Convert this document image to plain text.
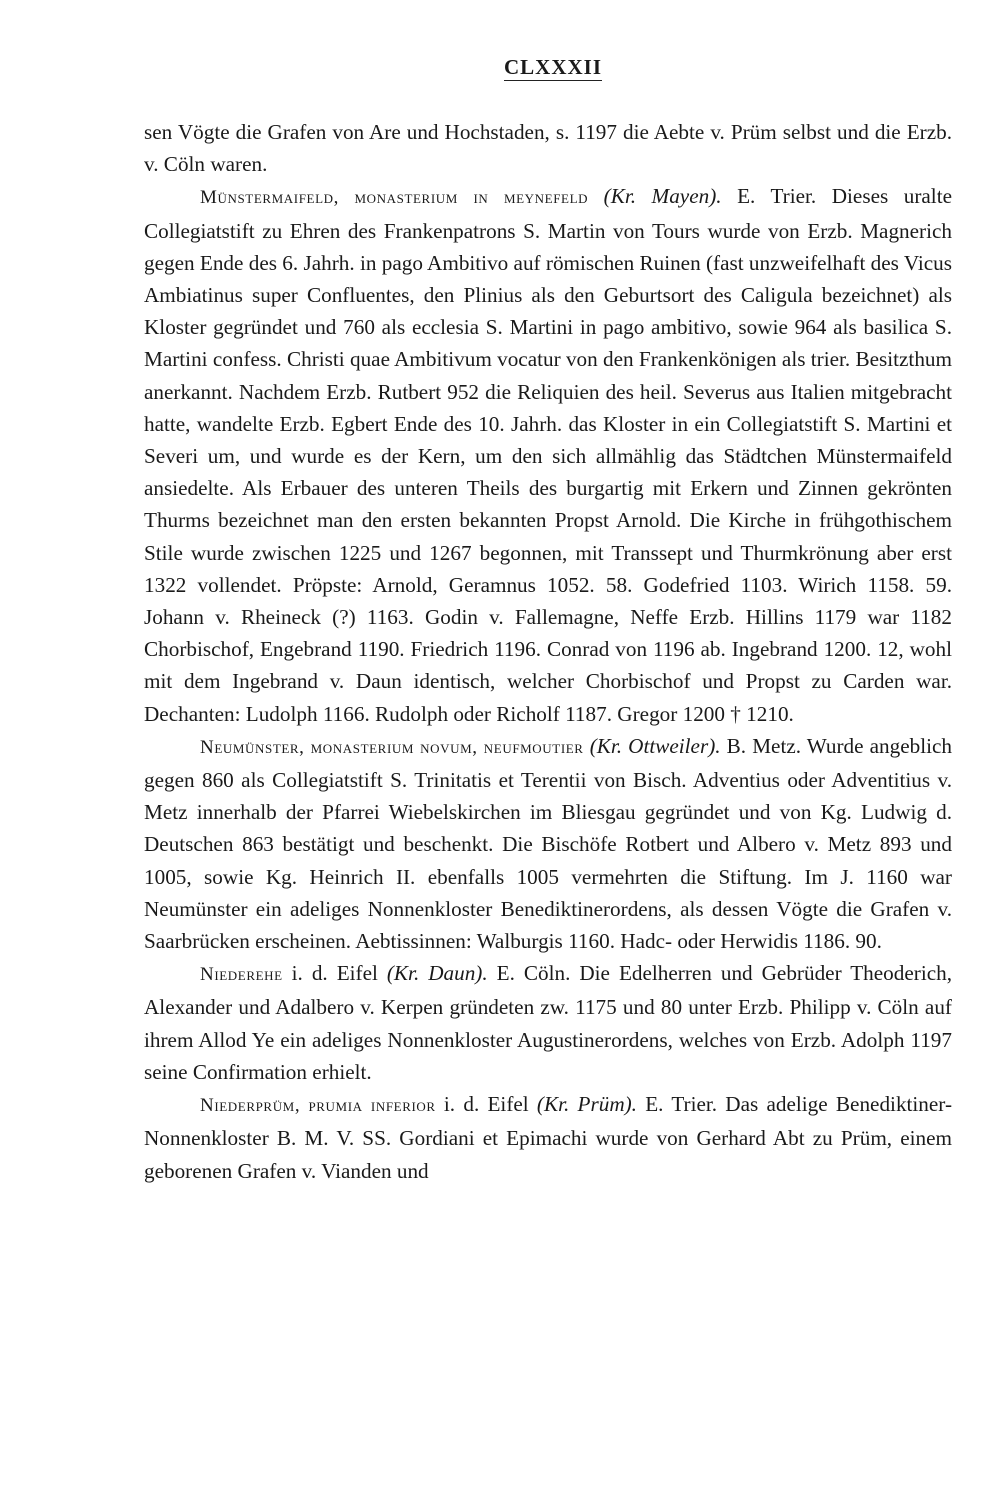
CLXXXII

sen Vögte die Grafen von Are und Hochstaden, s. 1197 die Aebte v. Prüm selbst und die Erzb. v. Cöln waren.

Münstermaifeld, monasterium in meynefeld (Kr. Mayen). E. Trier. Dieses uralte Collegiatstift zu Ehren des Frankenpatrons S. Martin von Tours wurde von Erzb. Magnerich gegen Ende des 6. Jahrh. in pago Ambitivo auf römischen Ruinen (fast unzweifelhaft des Vicus Ambiatinus super Confluentes, den Plinius als den Geburtsort des Caligula bezeichnet) als Kloster gegründet und 760 als ecclesia S. Martini in pago ambitivo, sowie 964 als basilica S. Martini confess. Christi quae Ambitivum vocatur von den Frankenkönigen als trier. Besitzthum anerkannt. Nachdem Erzb. Rutbert 952 die Reliquien des heil. Severus aus Italien mitgebracht hatte, wandelte Erzb. Egbert Ende des 10. Jahrh. das Kloster in ein Collegiatstift S. Martini et Severi um, und wurde es der Kern, um den sich allmählig das Städtchen Münstermaifeld ansiedelte. Als Erbauer des unteren Theils des burgartig mit Erkern und Zinnen gekrönten Thurms bezeichnet man den ersten bekannten Propst Arnold. Die Kirche in frühgothischem Stile wurde zwischen 1225 und 1267 begonnen, mit Transsept und Thurmkrönung aber erst 1322 vollendet. Pröpste: Arnold, Geramnus 1052. 58. Godefried 1103. Wirich 1158. 59. Johann v. Rheineck (?) 1163. Godin v. Fallemagne, Neffe Erzb. Hillins 1179 war 1182 Chorbischof, Engebrand 1190. Friedrich 1196. Conrad von 1196 ab. Ingebrand 1200. 12, wohl mit dem Ingebrand v. Daun identisch, welcher Chorbischof und Propst zu Carden war. Dechanten: Ludolph 1166. Rudolph oder Richolf 1187. Gregor 1200 † 1210.

Neumünster, monasterium novum, neufmoutier (Kr. Ottweiler). B. Metz. Wurde angeblich gegen 860 als Collegiatstift S. Trinitatis et Terentii von Bisch. Adventius oder Adventitius v. Metz innerhalb der Pfarrei Wiebelskirchen im Bliesgau gegründet und von Kg. Ludwig d. Deutschen 863 bestätigt und beschenkt. Die Bischöfe Rotbert und Albero v. Metz 893 und 1005, sowie Kg. Heinrich II. ebenfalls 1005 vermehrten die Stiftung. Im J. 1160 war Neumünster ein adeliges Nonnenkloster Benediktinerordens, als dessen Vögte die Grafen v. Saarbrücken erscheinen. Aebtissinnen: Walburgis 1160. Hadc- oder Herwidis 1186. 90.

Niederehe i. d. Eifel (Kr. Daun). E. Cöln. Die Edelherren und Gebrüder Theoderich, Alexander und Adalbero v. Kerpen gründeten zw. 1175 und 80 unter Erzb. Philipp v. Cöln auf ihrem Allod Ye ein adeliges Nonnenkloster Augustinerordens, welches von Erzb. Adolph 1197 seine Confirmation erhielt.

Niederprüm, prumia inferior i. d. Eifel (Kr. Prüm). E. Trier. Das adelige Benediktiner-Nonnenkloster B. M. V. SS. Gordiani et Epimachi wurde von Gerhard Abt zu Prüm, einem geborenen Grafen v. Vianden und
